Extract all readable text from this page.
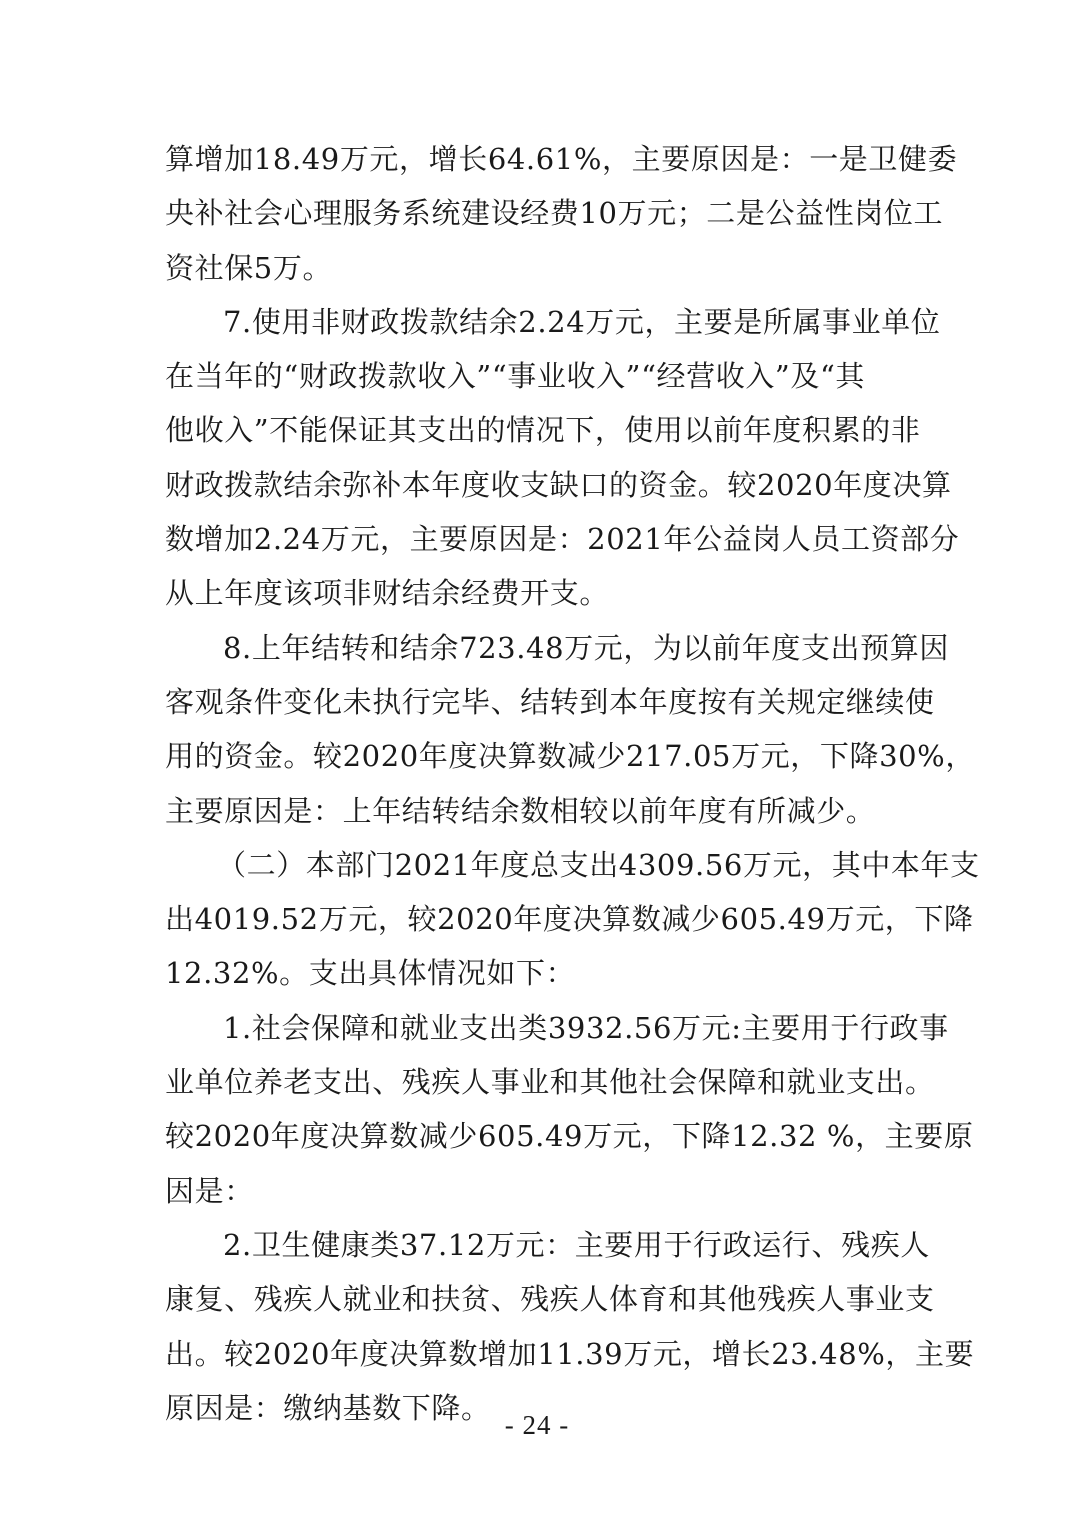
算增加18.49万元，增长64.61%，主要原因是：一是卫健委
央补社会心理服务系统建设经费10万元；二是公益性岗位工
资社保5万。
7.使用非财政拨款结余2.24万元，主要是所属事业单位
在当年的“财政拨款收入”“事业收入”“经营收入”及“其
他收入”不能保证其支出的情况下，使用以前年度积累的非
财政拨款结余弥补本年度收支缺口的资金。较2020年度决算
数增加2.24万元，主要原因是：2021年公益岗人员工资部分
从上年度该项非财结余经费开支。
8.上年结转和结余723.48万元，为以前年度支出预算因
客观条件变化未执行完毕、结转到本年度按有关规定继续使
用的资金。较2020年度决算数减少217.05万元，下降30%，
主要原因是：上年结转结余数相较以前年度有所减少。
（二）本部门2021年度总支出4309.56万元，其中本年支
出4019.52万元，较2020年度决算数减少605.49万元，下降
12.32%。支出具体情况如下：
1.社会保障和就业支出类3932.56万元:主要用于行政事
业单位养老支出、残疾人事业和其他社会保障和就业支出。
较2020年度决算数减少605.49万元，下降12.32 %，主要原
因是：
2.卫生健康类37.12万元：主要用于行政运行、残疾人
康复、残疾人就业和扶贫、残疾人体育和其他残疾人事业支
出。较2020年度决算数增加11.39万元，增长23.48%，主要
原因是：缴纳基数下降。
- 24 -
